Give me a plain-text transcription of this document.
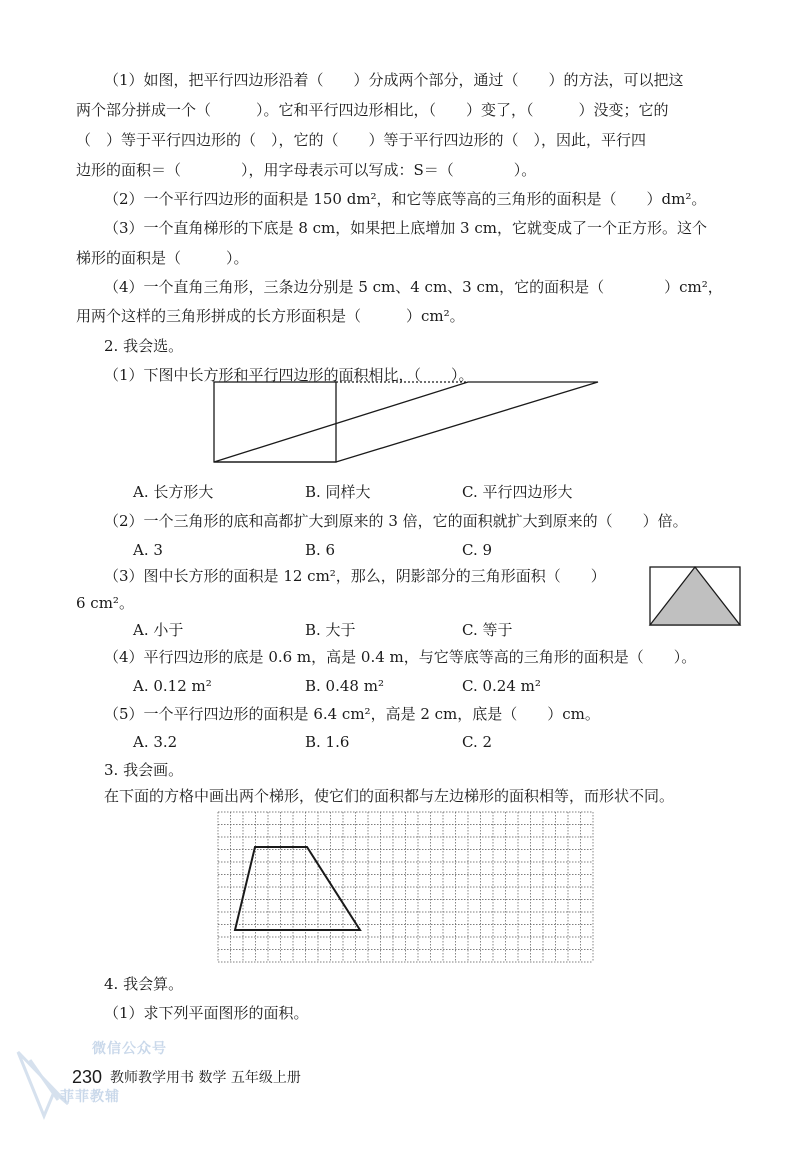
（1）如图，把平行四边形沿着（　　）分成两个部分，通过（　　）的方法，可以把这
两个部分拼成一个（　　　）。它和平行四边形相比，（　　）变了，（　　　）没变；它的
（　）等于平行四边形的（　），它的（　　）等于平行四边形的（　），因此，平行四
边形的面积＝（　　　　），用字母表示可以写成：S＝（　　　　）。
（2）一个平行四边形的面积是 150 dm²，和它等底等高的三角形的面积是（　　）dm²。
（3）一个直角梯形的下底是 8 cm，如果把上底增加 3 cm，它就变成了一个正方形。这个
梯形的面积是（　　　）。
（4）一个直角三角形，三条边分别是 5 cm、4 cm、3 cm，它的面积是（　　　　）cm²，
用两个这样的三角形拼成的长方形面积是（　　　）cm²。
2. 我会选。
（1）下图中长方形和平行四边形的面积相比，（　　）。
A. 长方形大	B. 同样大	C. 平行四边形大
（2）一个三角形的底和高都扩大到原来的 3 倍，它的面积就扩大到原来的（　　）倍。
A. 3	B. 6	C. 9
（3）图中长方形的面积是 12 cm²，那么，阴影部分的三角形面积（　　）
6 cm²。
A. 小于	B. 大于	C. 等于
（4）平行四边形的底是 0.6 m，高是 0.4 m，与它等底等高的三角形的面积是（　　）。
A. 0.12 m²	B. 0.48 m²	C. 0.24 m²
（5）一个平行四边形的面积是 6.4 cm²，高是 2 cm，底是（　　）cm。
A. 3.2	B. 1.6	C. 2
3. 我会画。
在下面的方格中画出两个梯形，使它们的面积都与左边梯形的面积相等，而形状不同。
4. 我会算。
（1）求下列平面图形的面积。
微信公众号
菲菲教辅
230 教师教学用书 数学 五年级上册
